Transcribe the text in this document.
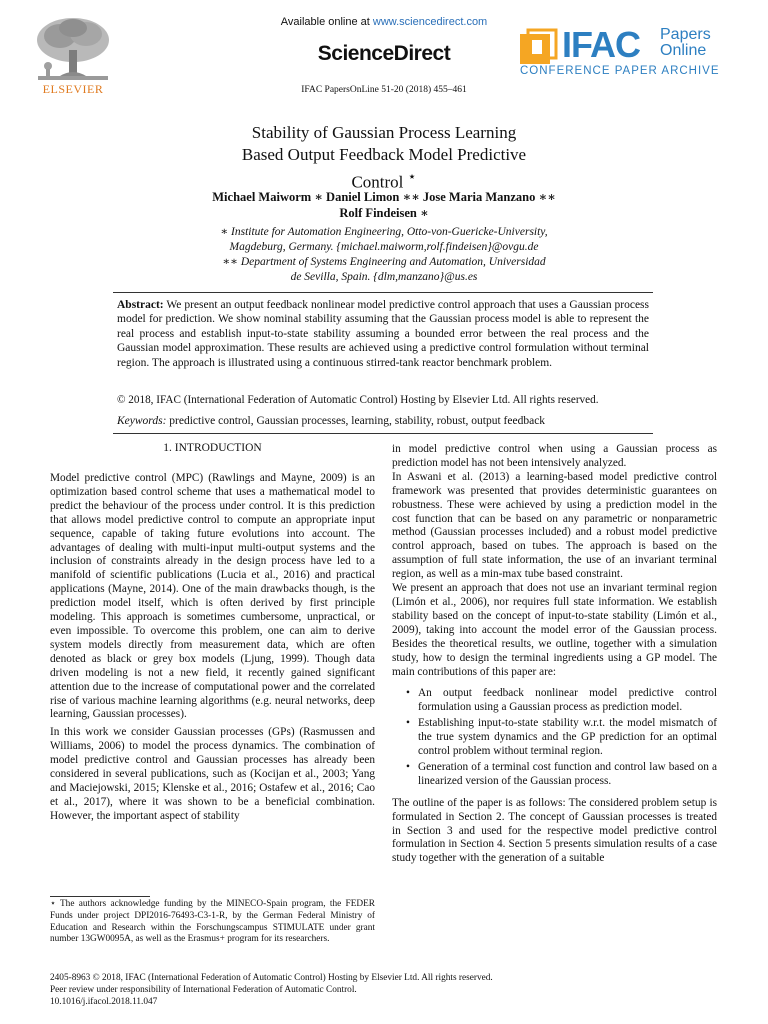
Available online at www.sciencedirect.com
ScienceDirect
IFAC PapersOnLine 51-20 (2018) 455–461
ELSEVIER
IFAC Papers
Online
CONFERENCE PAPER ARCHIVE
Stability of Gaussian Process Learning
Based Output Feedback Model Predictive
Control ⋆
Michael Maiworm ∗ Daniel Limon ∗∗ Jose Maria Manzano ∗∗
Rolf Findeisen ∗
∗ Institute for Automation Engineering, Otto-von-Guericke-University,
Magdeburg, Germany. {michael.maiworm,rolf.findeisen}@ovgu.de
∗∗ Department of Systems Engineering and Automation, Universidad
de Sevilla, Spain. {dlm,manzano}@us.es
Abstract: We present an output feedback nonlinear model predictive control approach that uses a Gaussian process model for prediction. We show nominal stability assuming that the Gaussian process model is able to represent the real process and establish input-to-state stability assuming a bounded error between the real process and the Gaussian model approximation. These results are achieved using a predictive control formulation without terminal region. The approach is illustrated using a continuous stirred-tank reactor benchmark problem.
© 2018, IFAC (International Federation of Automatic Control) Hosting by Elsevier Ltd. All rights reserved.
Keywords: predictive control, Gaussian processes, learning, stability, robust, output feedback
1. INTRODUCTION

Model predictive control (MPC) (Rawlings and Mayne, 2009) is an optimization based control scheme that uses a mathematical model to predict the behaviour of the process under control. It is this prediction that allows model predictive control to compute an appropriate input sequence, capable of taking future evolutions into account. The advantages of dealing with multi-input multi-output systems and the inclusion of constraints already in the design process have led to a manifold of scientific publications (Lucia et al., 2016) and practical applications (Mayne, 2014). One of the main drawbacks though, is the prediction model itself, which is often derived by first principle modeling. This approach is sometimes cumbersome, unpractical, or even impossible. To overcome this problem, one can aim to derive system models directly from measurement data, which are often denoted as black or grey box models (Ljung, 1999). Though data driven modeling is not a new field, it recently gained significant attention due to the increase of computational power and the correlated rise of various machine learning algorithms (e.g. neural networks, deep learning, Gaussian processes).

In this work we consider Gaussian processes (GPs) (Rasmussen and Williams, 2006) to model the process dynamics. The combination of model predictive control and Gaussian processes has already been considered in several publications, such as (Kocijan et al., 2003; Yang and Maciejowski, 2015; Klenske et al., 2016; Ostafew et al., 2016; Cao et al., 2017), where it was shown to be a beneficial combination. However, the important aspect of stability

in model predictive control when using a Gaussian process as prediction model has not been intensively analyzed.

In Aswani et al. (2013) a learning-based model predictive control framework was presented that provides deterministic guarantees on robustness. These were achieved by using a prediction model in the cost function that can be based on any parametric or nonparametric method (Gaussian processes included) and a robust model predictive control approach, based on tubes. The approach is based on the assumption of full state information, the use of an invariant terminal region, as well as a min-max tube based constraint.

We present an approach that does not use an invariant terminal region (Limón et al., 2006), nor requires full state information. We establish stability based on the concept of input-to-state stability (Limón et al., 2009), taking into account the model error of the Gaussian process. Besides the theoretical results, we outline, together with a simulation study, how to design the terminal ingredients using a GP model. The main contributions of this paper are:

• An output feedback nonlinear model predictive control formulation using a Gaussian process as prediction model.
• Establishing input-to-state stability w.r.t. the model mismatch of the true system dynamics and the GP prediction for an optimal control problem without terminal region.
• Generation of a terminal cost function and control law based on a linearized version of the Gaussian process.

The outline of the paper is as follows: The considered problem setup is formulated in Section 2. The concept of Gaussian processes is treated in Section 3 and used for the respective model predictive control formulation in Section 4. Section 5 presents simulation results of a case study together with the generation of a suitable

⋆ The authors acknowledge funding by the MINECO-Spain program, the FEDER Funds under project DPI2016-76493-C3-1-R, by the German Federal Ministry of Education and Research within the Forschungscampus STIMULATE under grant number 13GW0095A, as well as the Erasmus+ program for its researchers.
2405-8963 © 2018, IFAC (International Federation of Automatic Control) Hosting by Elsevier Ltd. All rights reserved.
Peer review under responsibility of International Federation of Automatic Control.
10.1016/j.ifacol.2018.11.047
